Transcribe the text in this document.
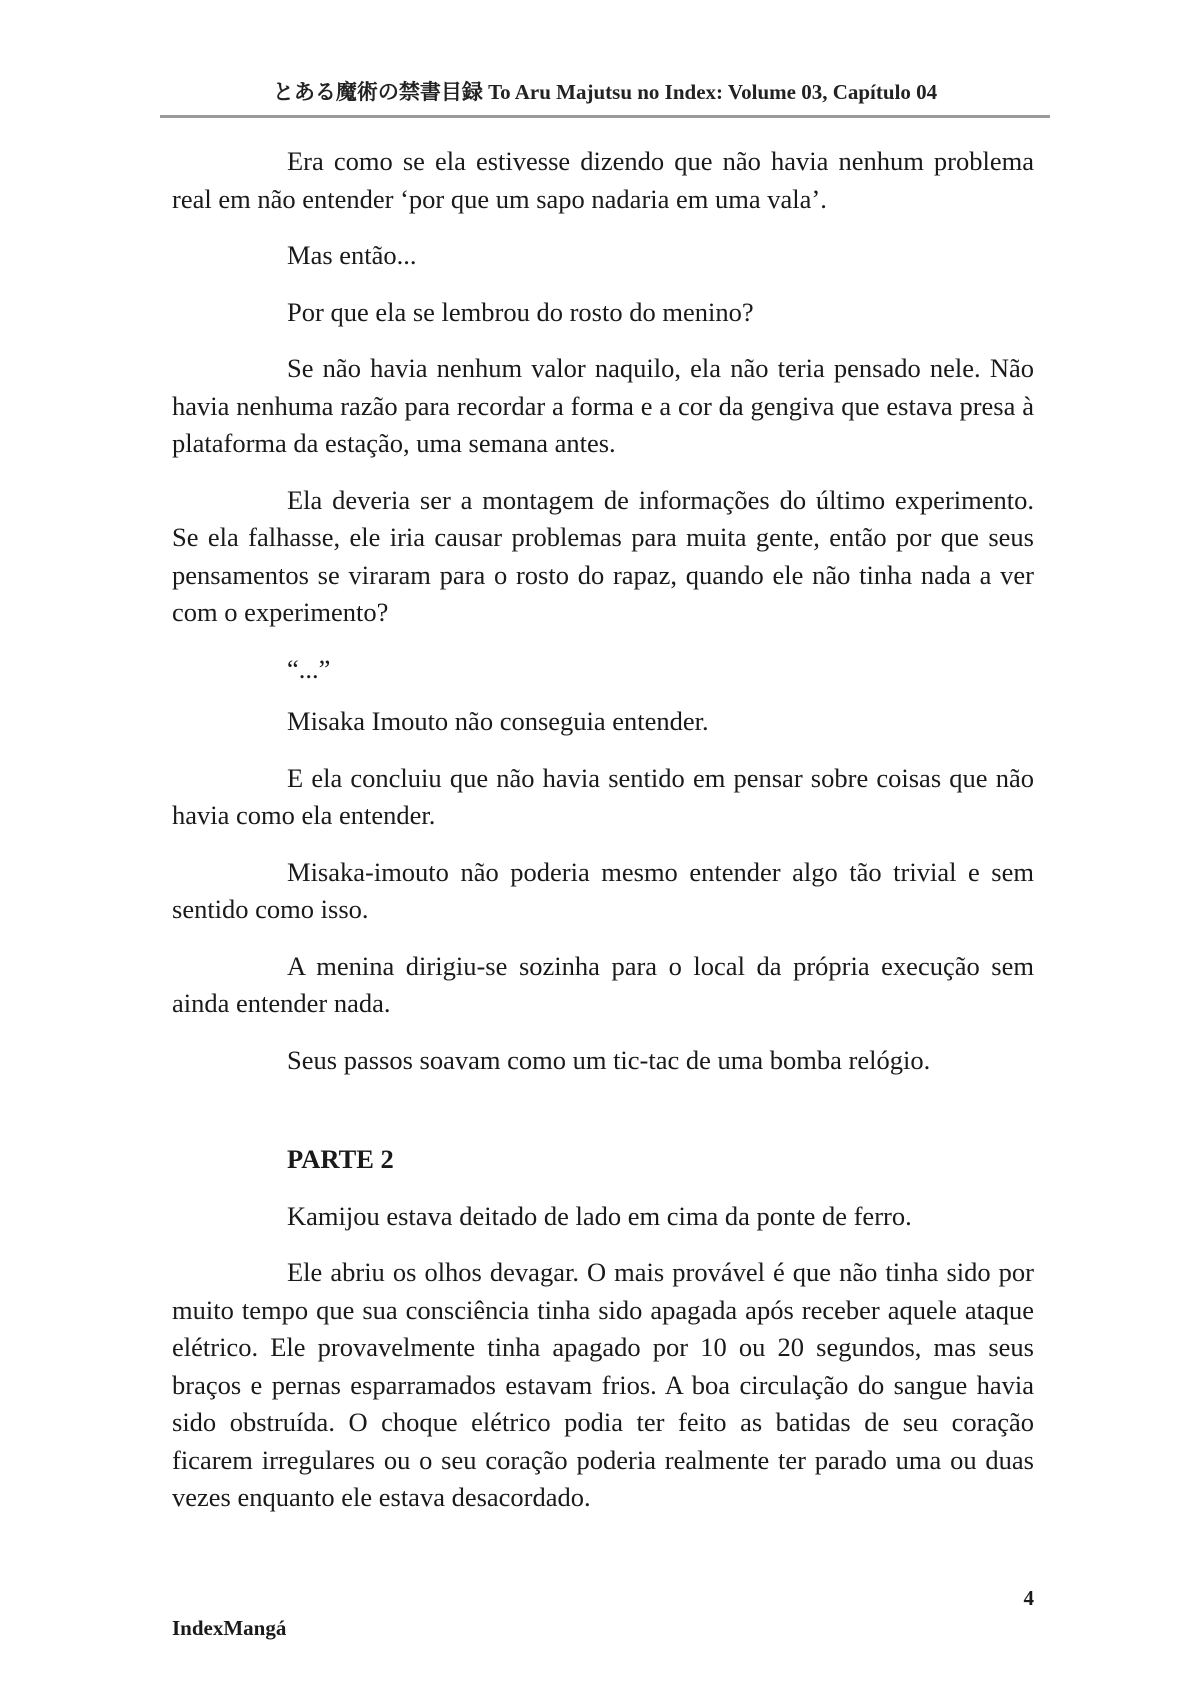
とある魔術の禁書目録 To Aru Majutsu no Index: Volume 03, Capítulo 04

Era como se ela estivesse dizendo que não havia nenhum problema real em não entender ‘por que um sapo nadaria em uma vala’.

Mas então...

Por que ela se lembrou do rosto do menino?

Se não havia nenhum valor naquilo, ela não teria pensado nele. Não havia nenhuma razão para recordar a forma e a cor da gengiva que estava presa à plataforma da estação, uma semana antes.

Ela deveria ser a montagem de informações do último experimento. Se ela falhasse, ele iria causar problemas para muita gente, então por que seus pensamentos se viraram para o rosto do rapaz, quando ele não tinha nada a ver com o experimento?

“...”

Misaka Imouto não conseguia entender.

E ela concluiu que não havia sentido em pensar sobre coisas que não havia como ela entender.

Misaka-imouto não poderia mesmo entender algo tão trivial e sem sentido como isso.

A menina dirigiu-se sozinha para o local da própria execução sem ainda entender nada.

Seus passos soavam como um tic-tac de uma bomba relógio.

PARTE 2

Kamijou estava deitado de lado em cima da ponte de ferro.

Ele abriu os olhos devagar. O mais provável é que não tinha sido por muito tempo que sua consciência tinha sido apagada após receber aquele ataque elétrico. Ele provavelmente tinha apagado por 10 ou 20 segundos, mas seus braços e pernas esparramados estavam frios. A boa circulação do sangue havia sido obstruída. O choque elétrico podia ter feito as batidas de seu coração ficarem irregulares ou o seu coração poderia realmente ter parado uma ou duas vezes enquanto ele estava desacordado.

4
IndexMangá
